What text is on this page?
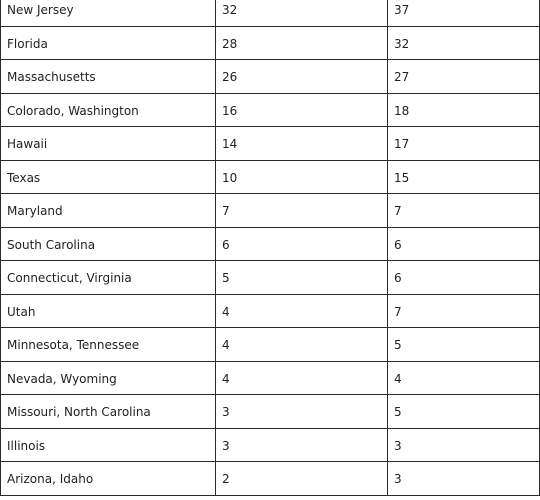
New Jersey	32	37
Florida	28	32
Massachusetts	26	27
Colorado, Washington	16	18
Hawaii	14	17
Texas	10	15
Maryland	7	7
South Carolina	6	6
Connecticut, Virginia	5	6
Utah	4	7
Minnesota, Tennessee	4	5
Nevada, Wyoming	4	4
Missouri, North Carolina	3	5
Illinois	3	3
Arizona, Idaho	2	3
